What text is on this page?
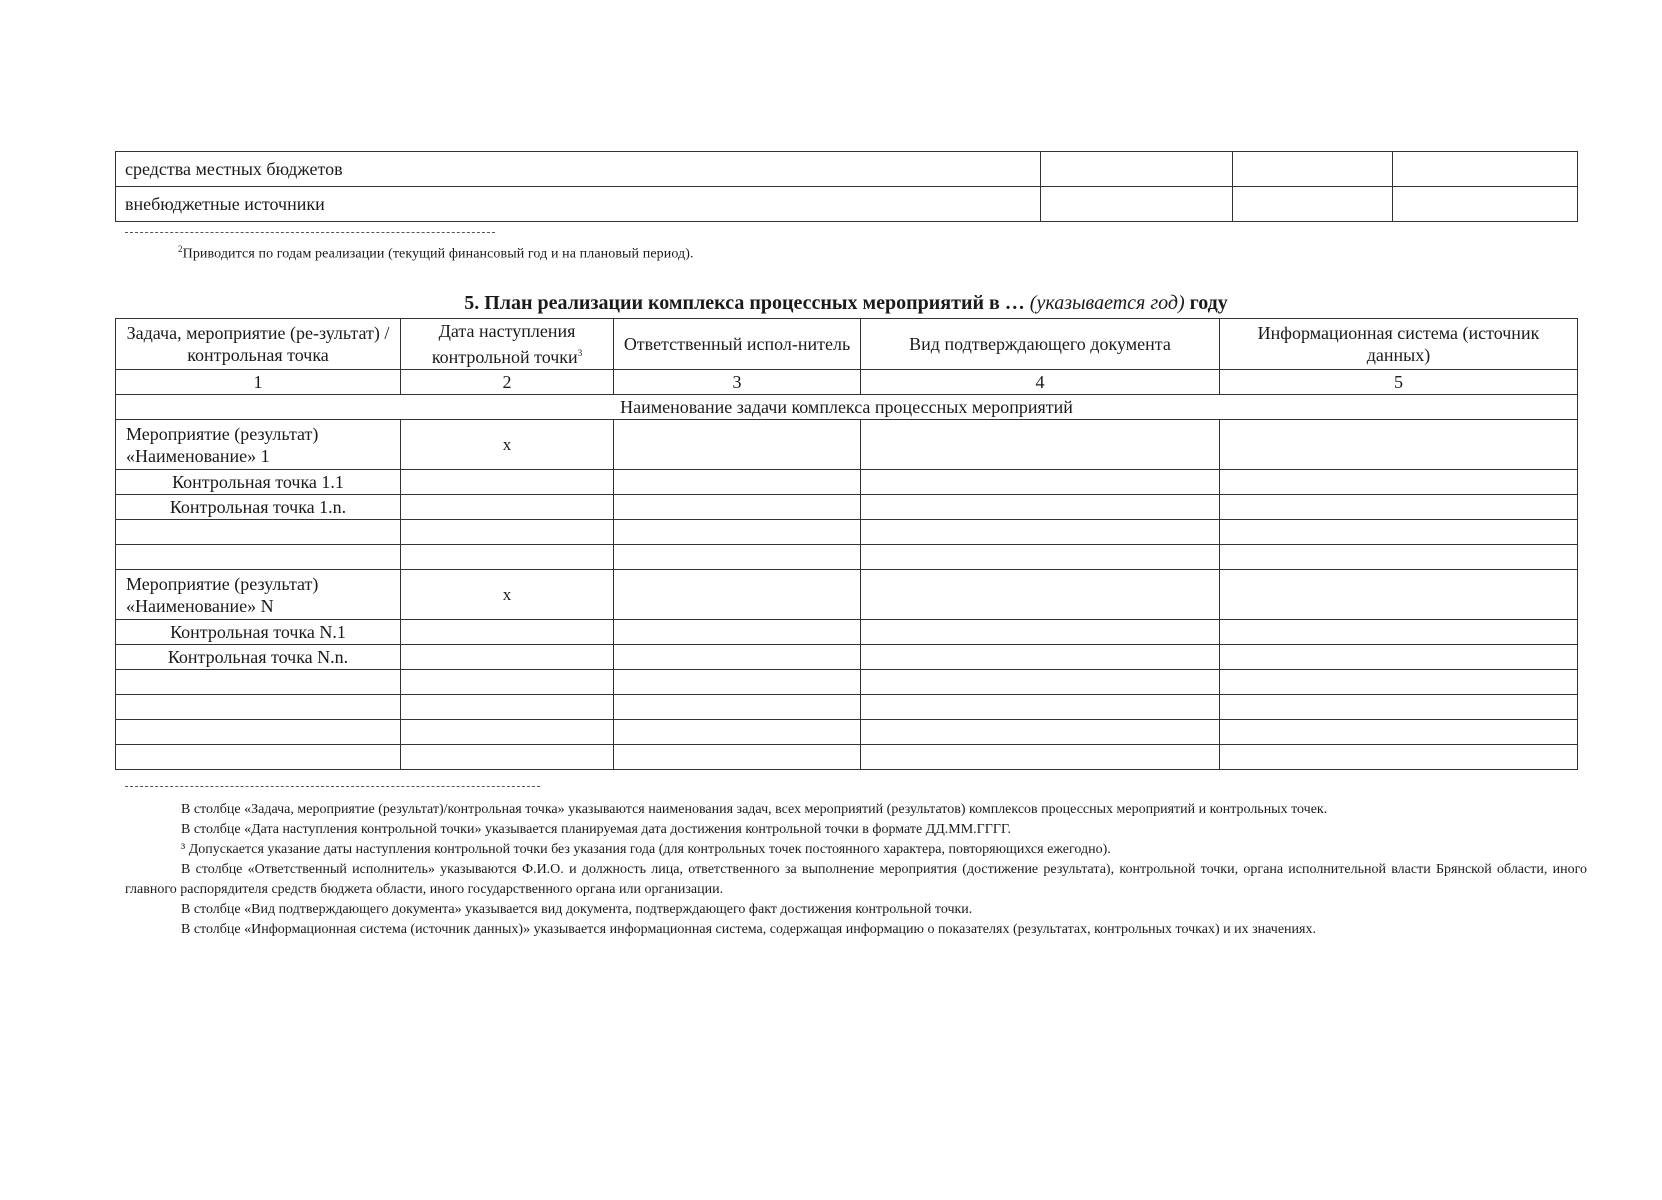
средства местных бюджетов			
внебюджетные источники			
$^2$Приводится по годам реализации (текущий финансовый год и на плановый период).
5. План реализации комплекса процессных мероприятий в … (указывается год) году
Задача, мероприятие (ре-зультат) / контрольная точка	Дата наступления контрольной точки$^3$	Ответственный испол-нитель	Вид подтверждающего документа	Информационная система (источник данных)
1	2	3	4	5
Наименование задачи комплекса процессных мероприятий				

Мероприятие (результат)
«Наименование» 1	х			
Контрольная точка 1.1				
Контрольная точка 1.n.				

Мероприятие (результат)
«Наименование» N	х			
Контрольная точка N.1				
Контрольная точка N.n.				

В столбце «Задача, мероприятие (результат)/контрольная точка» указываются наименования задач, всех мероприятий (результатов) комплексов процессных мероприятий и контрольных точек.

В столбце «Дата наступления контрольной точки» указывается планируемая дата достижения контрольной точки в формате ДД.ММ.ГГГГ.

³ Допускается указание даты наступления контрольной точки без указания года (для контрольных точек постоянного характера, повторяющихся ежегодно).

В столбце «Ответственный исполнитель» указываются Ф.И.О. и должность лица, ответственного за выполнение мероприятия (достижение результата), контрольной точки, органа исполнительной власти Брянской области, иного главного распорядителя средств бюджета области, иного государственного органа или организации.

В столбце «Вид подтверждающего документа» указывается вид документа, подтверждающего факт достижения контрольной точки.

В столбце «Информационная система (источник данных)» указывается информационная система, содержащая информацию о показателях (результатах, контрольных точках) и их значениях.
